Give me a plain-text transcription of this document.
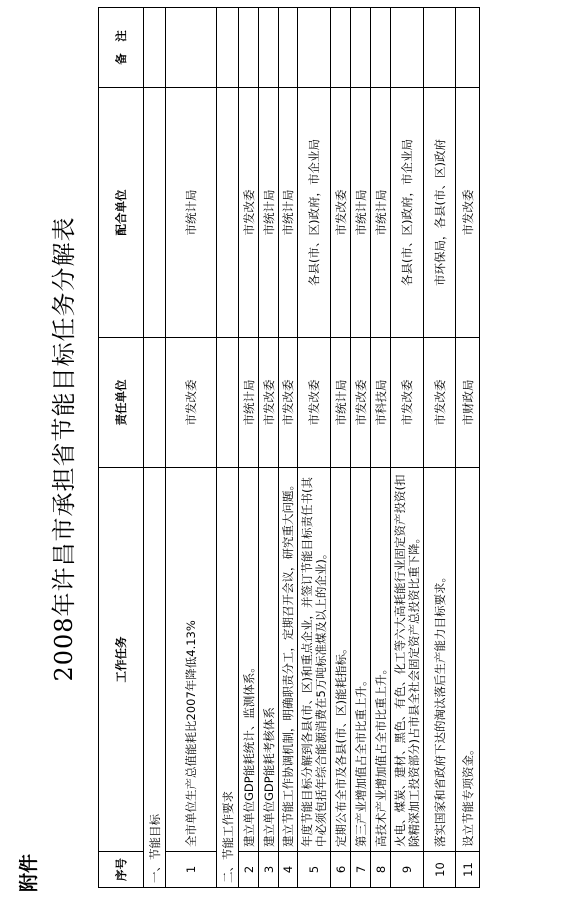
附件
2008年许昌市承担省节能目标任务分解表
序号	工作任务	责任单位	配合单位	备　注
一、节能目标				
1	全市单位生产总值能耗比2007年降低4.13%	市发改委	市统计局	
二、节能工作要求				
2	建立单位GDP能耗统计、监测体系。	市统计局	市发改委	
3	建立单位GDP能耗考核体系	市发改委	市统计局	
4	建立节能工作协调机制，明确职责分工，定期召开会议，研究重大问题。	市发改委	市统计局	
5	年度节能目标分解到各县(市、区)和重点企业，并签订节能目标责任书(其中必须包括年综合能源消费在5万吨标准煤及以上的企业)。	市发改委	各县(市、区)政府，市企业局	
6	定期公布全市及各县(市、区)能耗指标。	市统计局	市发改委	
7	第三产业增加值占全市比重上升。	市发改委	市统计局	
8	高技术产业增加值占全市比重上升。	市科技局	市统计局	
9	火电、煤炭、建材、黑色、有色、化工等六大高耗能行业固定资产投资(扣除精深加工投资部分)占市县全社会固定资产总投资比重下降。	市发改委	各县(市、区)政府，市企业局	
10	落实国家和省政府下达的淘汰落后生产能力目标要求。	市发改委	市环保局，各县(市、区)政府	
11	设立节能专项资金。	市财政局	市发改委	
